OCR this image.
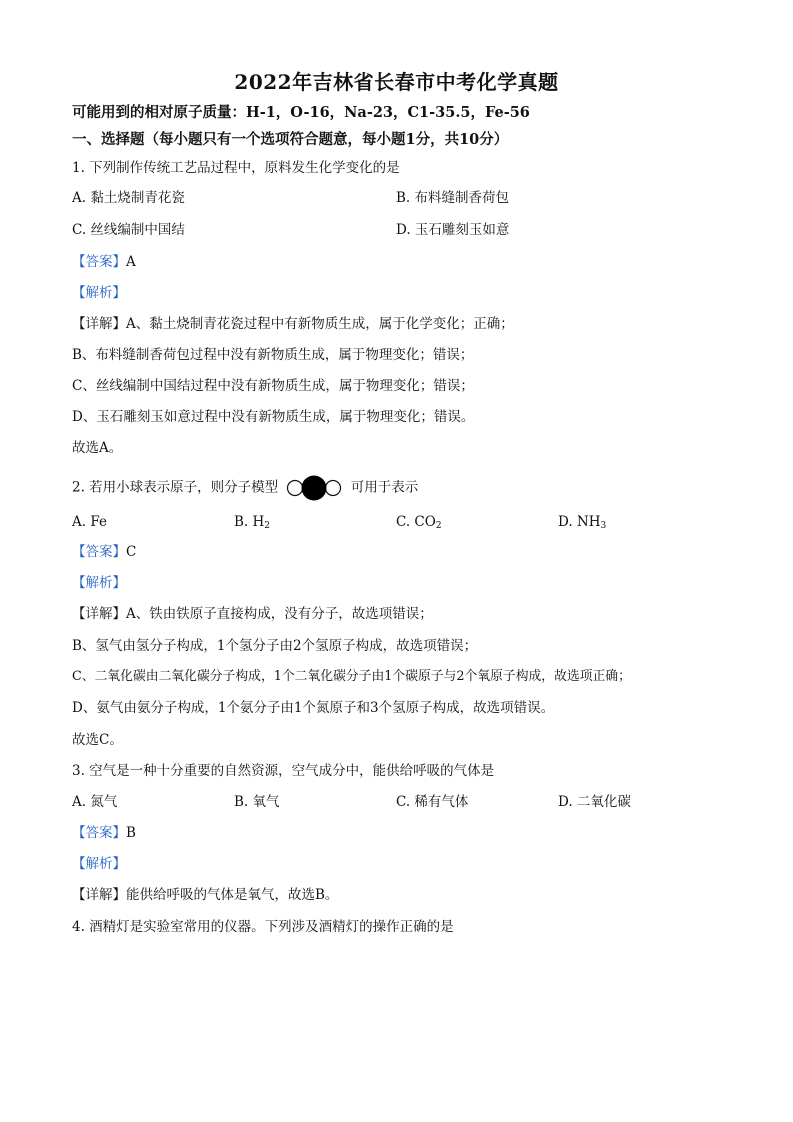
2022年吉林省长春市中考化学真题
可能用到的相对原子质量：H-1，O-16，Na-23，C1-35.5，Fe-56
一、选择题（每小题只有一个选项符合题意，每小题1分，共10分）
1. 下列制作传统工艺品过程中，原料发生化学变化的是
A. 黏土烧制青花瓷	B. 布料缝制香荷包
C. 丝线编制中国结	D. 玉石雕刻玉如意
【答案】A
【解析】
【详解】A、黏土烧制青花瓷过程中有新物质生成，属于化学变化；正确；
B、布料缝制香荷包过程中没有新物质生成，属于物理变化；错误；
C、丝线编制中国结过程中没有新物质生成，属于物理变化；错误；
D、玉石雕刻玉如意过程中没有新物质生成，属于物理变化；错误。
故选A。
2. 若用小球表示原子，则分子模型	可用于表示
A. Fe	B. $H_2$	C. $CO_2$	D. $NH_3$
【答案】C
【解析】
【详解】A、铁由铁原子直接构成，没有分子，故选项错误；
B、氢气由氢分子构成，1个氢分子由2个氢原子构成，故选项错误；
C、二氧化碳由二氧化碳分子构成，1个二氧化碳分子由1个碳原子与2个氧原子构成，故选项正确；
D、氨气由氨分子构成，1个氨分子由1个氮原子和3个氢原子构成，故选项错误。
故选C。
3. 空气是一种十分重要的自然资源，空气成分中，能供给呼吸的气体是
A. 氮气	B. 氧气	C. 稀有气体	D. 二氧化碳
【答案】B
【解析】
【详解】能供给呼吸的气体是氧气，故选B。
4. 酒精灯是实验室常用的仪器。下列涉及酒精灯的操作正确的是
